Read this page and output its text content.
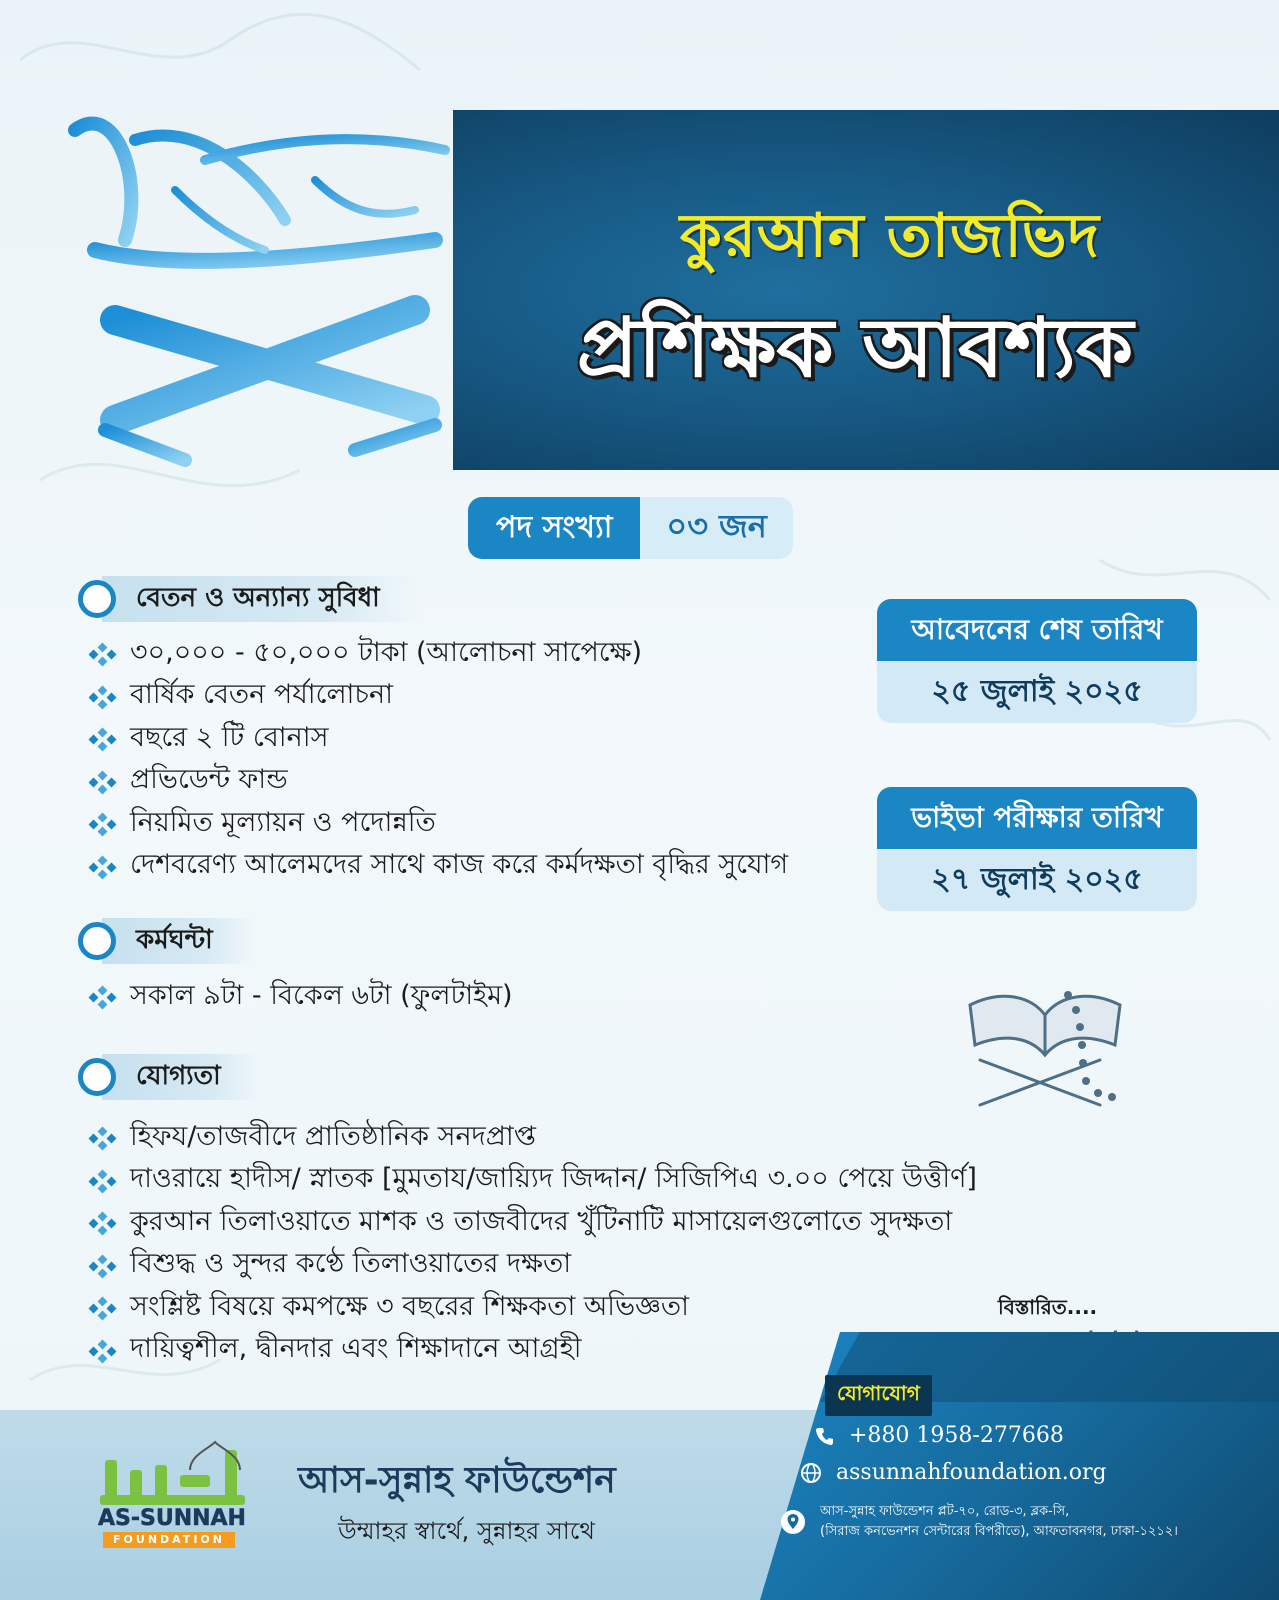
কুরআন তাজভিদ
প্রশিক্ষক আবশ্যক
পদ সংখ্যা	০৩ জন
বেতন ও অন্যান্য সুবিধা
৩০,০০০ - ৫০,০০০ টাকা (আলোচনা সাপেক্ষে)
বার্ষিক বেতন পর্যালোচনা
বছরে ২ টি বোনাস
প্রভিডেন্ট ফান্ড
নিয়মিত মূল্যায়ন ও পদোন্নতি
দেশবরেণ্য আলেমদের সাথে কাজ করে কর্মদক্ষতা বৃদ্ধির সুযোগ
কর্মঘন্টা
সকাল ৯টা - বিকেল ৬টা (ফুলটাইম)
যোগ্যতা
হিফয/তাজবীদে প্রাতিষ্ঠানিক সনদপ্রাপ্ত
দাওরায়ে হাদীস/ স্নাতক [মুমতায/জায়্যিদ জিদ্দান/ সিজিপিএ ৩.০০ পেয়ে উত্তীর্ণ]
কুরআন তিলাওয়াতে মাশক ও তাজবীদের খুঁটিনাটি মাসায়েলগুলোতে সুদক্ষতা
বিশুদ্ধ ও সুন্দর কণ্ঠে তিলাওয়াতের দক্ষতা
সংশ্লিষ্ট বিষয়ে কমপক্ষে ৩ বছরের শিক্ষকতা অভিজ্ঞতা
দায়িত্বশীল, দ্বীনদার এবং শিক্ষাদানে আগ্রহী
আবেদনের শেষ তারিখ
২৫ জুলাই ২০২৫
ভাইভা পরীক্ষার তারিখ
২৭ জুলাই ২০২৫
বিস্তারিত....
AS-SUNNAH
FOUNDATION
আস-সুন্নাহ ফাউন্ডেশন
উম্মাহর স্বার্থে, সুন্নাহর সাথে
যোগাযোগ
+880 1958-277668
assunnahfoundation.org
আস-সুন্নাহ ফাউন্ডেশন প্লট-৭০, রোড-৩, ব্লক-সি,
(সিরাজ কনভেনশন সেন্টারের বিপরীতে), আফতাবনগর, ঢাকা-১২১২।
